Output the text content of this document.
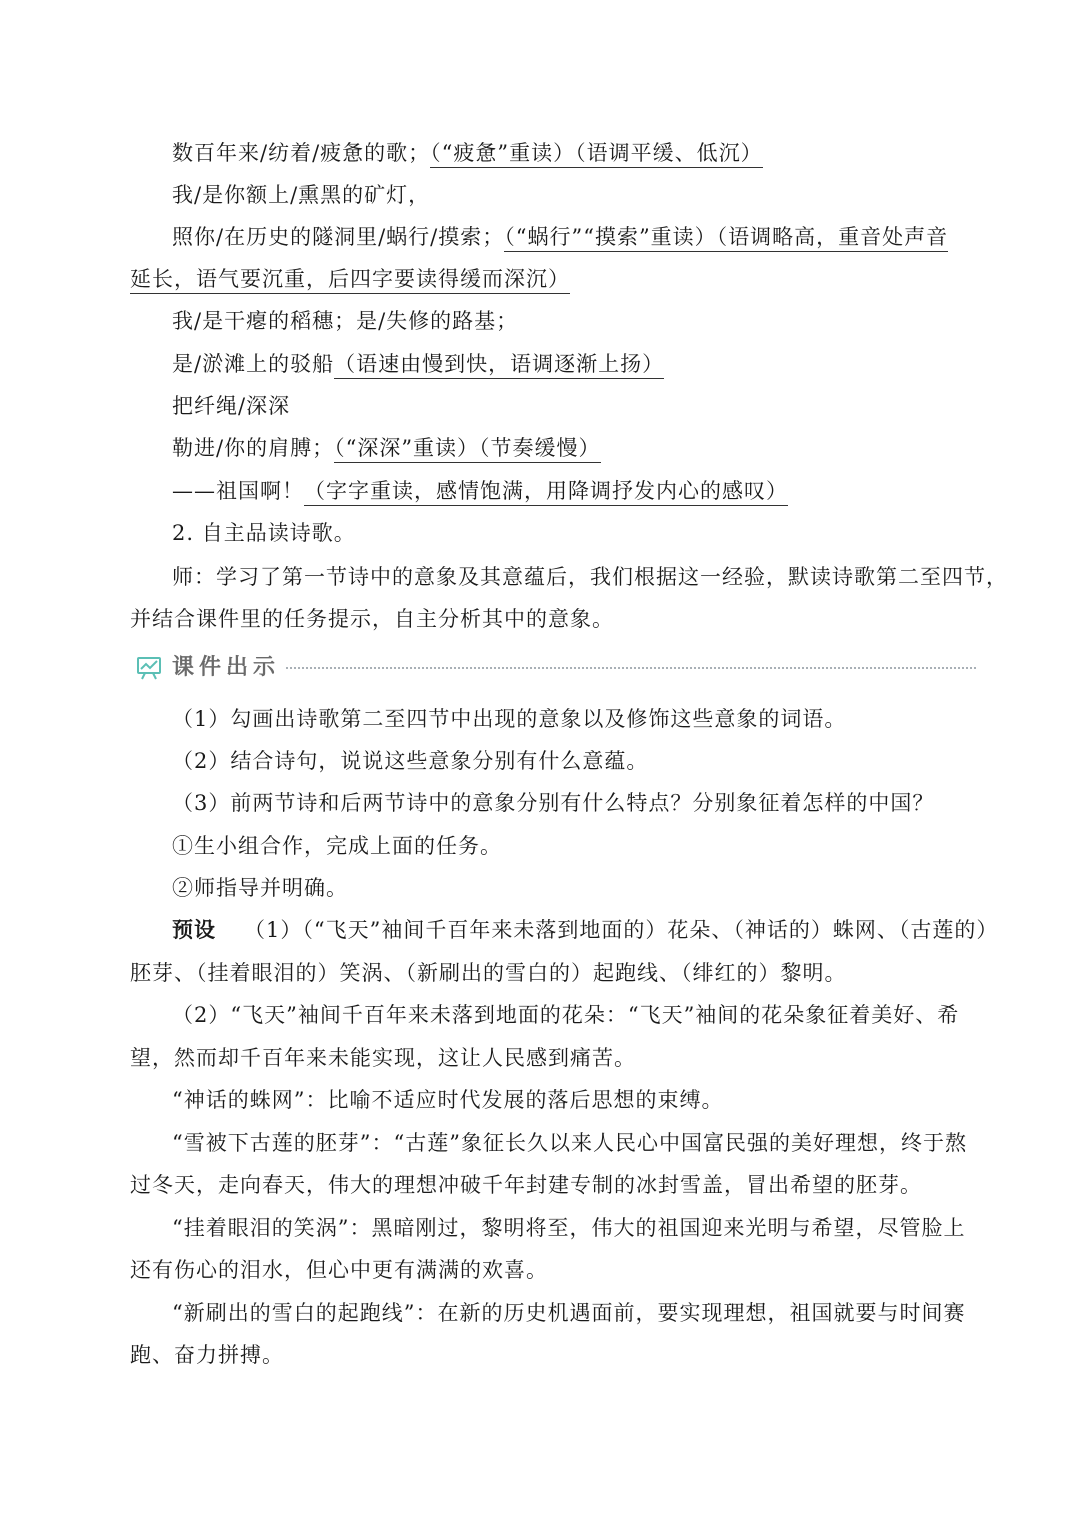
数百年来/纺着/疲惫的歌；（“疲惫”重读）（语调平缓、低沉）
我/是你额上/熏黑的矿灯，
照你/在历史的隧洞里/蜗行/摸索；（“蜗行”“摸索”重读）（语调略高，重音处声音
延长，语气要沉重，后四字要读得缓而深沉）
我/是干瘪的稻穗；是/失修的路基；
是/淤滩上的驳船（语速由慢到快，语调逐渐上扬）
把纤绳/深深
勒进/你的肩膊；（“深深”重读）（节奏缓慢）
——祖国啊！（字字重读，感情饱满，用降调抒发内心的感叹）
2. 自主品读诗歌。
师：学习了第一节诗中的意象及其意蕴后，我们根据这一经验，默读诗歌第二至四节，
并结合课件里的任务提示，自主分析其中的意象。
课件出示
（1）勾画出诗歌第二至四节中出现的意象以及修饰这些意象的词语。
（2）结合诗句，说说这些意象分别有什么意蕴。
（3）前两节诗和后两节诗中的意象分别有什么特点？分别象征着怎样的中国？
①生小组合作，完成上面的任务。
②师指导并明确。
预设 （1）（“飞天”袖间千百年来未落到地面的）花朵、（神话的）蛛网、（古莲的）
胚芽、（挂着眼泪的）笑涡、（新刷出的雪白的）起跑线、（绯红的）黎明。
（2）“飞天”袖间千百年来未落到地面的花朵：“飞天”袖间的花朵象征着美好、希
望，然而却千百年来未能实现，这让人民感到痛苦。
“神话的蛛网”：比喻不适应时代发展的落后思想的束缚。
“雪被下古莲的胚芽”：“古莲”象征长久以来人民心中国富民强的美好理想，终于熬
过冬天，走向春天，伟大的理想冲破千年封建专制的冰封雪盖，冒出希望的胚芽。
“挂着眼泪的笑涡”：黑暗刚过，黎明将至，伟大的祖国迎来光明与希望，尽管脸上
还有伤心的泪水，但心中更有满满的欢喜。
“新刷出的雪白的起跑线”：在新的历史机遇面前，要实现理想，祖国就要与时间赛
跑、奋力拼搏。
